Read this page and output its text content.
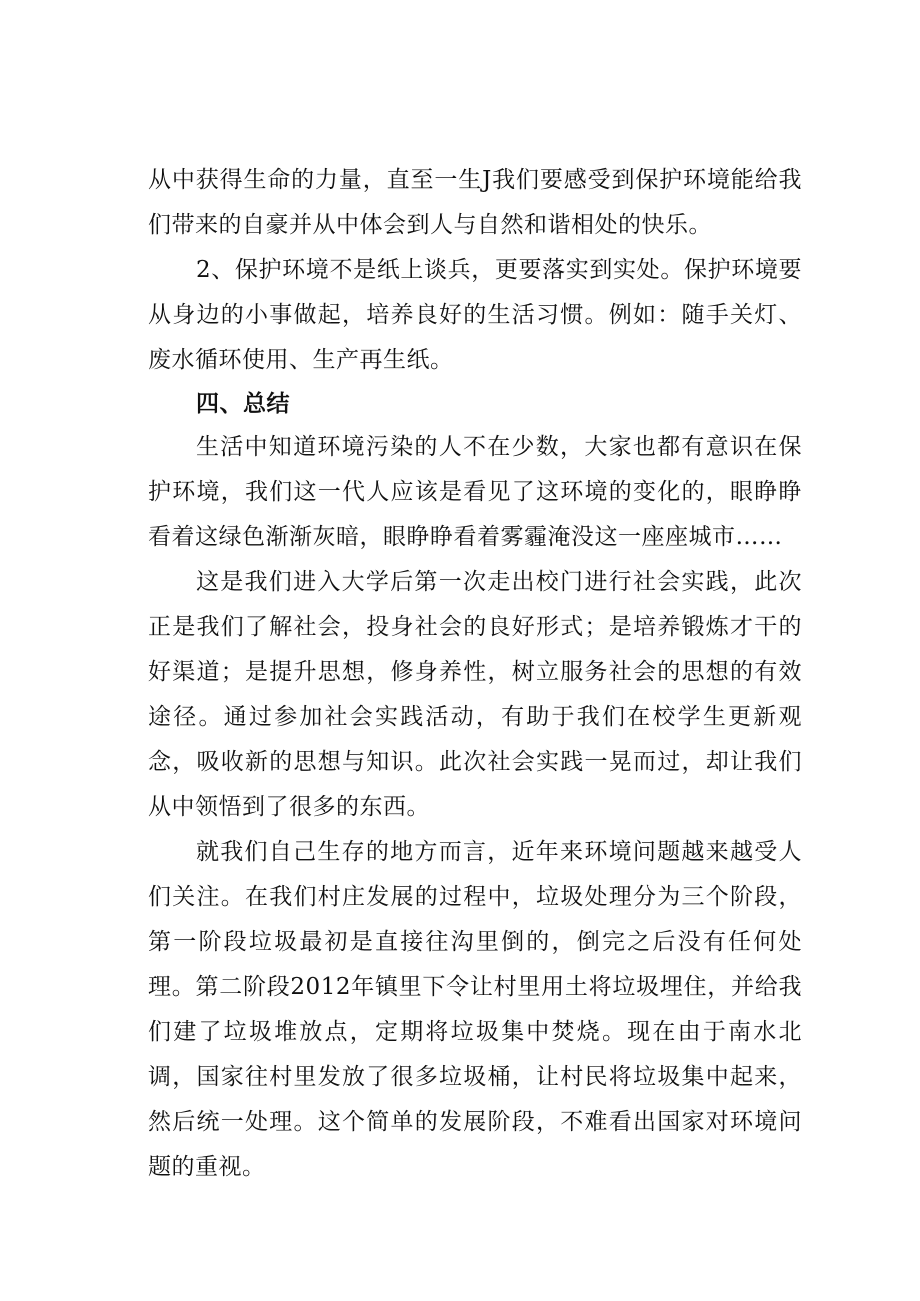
从中获得生命的力量，直至一生J我们要感受到保护环境能给我们带来的自豪并从中体会到人与自然和谐相处的快乐。

2、保护环境不是纸上谈兵，更要落实到实处。保护环境要从身边的小事做起，培养良好的生活习惯。例如：随手关灯、废水循环使用、生产再生纸。

四、总结

生活中知道环境污染的人不在少数，大家也都有意识在保护环境，我们这一代人应该是看见了这环境的变化的，眼睁睁看着这绿色渐渐灰暗，眼睁睁看着雾霾淹没这一座座城市……

这是我们进入大学后第一次走出校门进行社会实践，此次正是我们了解社会，投身社会的良好形式；是培养锻炼才干的好渠道；是提升思想，修身养性，树立服务社会的思想的有效途径。通过参加社会实践活动，有助于我们在校学生更新观念，吸收新的思想与知识。此次社会实践一晃而过，却让我们从中领悟到了很多的东西。

就我们自己生存的地方而言，近年来环境问题越来越受人们关注。在我们村庄发展的过程中，垃圾处理分为三个阶段，第一阶段垃圾最初是直接往沟里倒的，倒完之后没有任何处理。第二阶段2012年镇里下令让村里用土将垃圾埋住，并给我们建了垃圾堆放点，定期将垃圾集中焚烧。现在由于南水北调，国家往村里发放了很多垃圾桶，让村民将垃圾集中起来，然后统一处理。这个简单的发展阶段，不难看出国家对环境问题的重视。
